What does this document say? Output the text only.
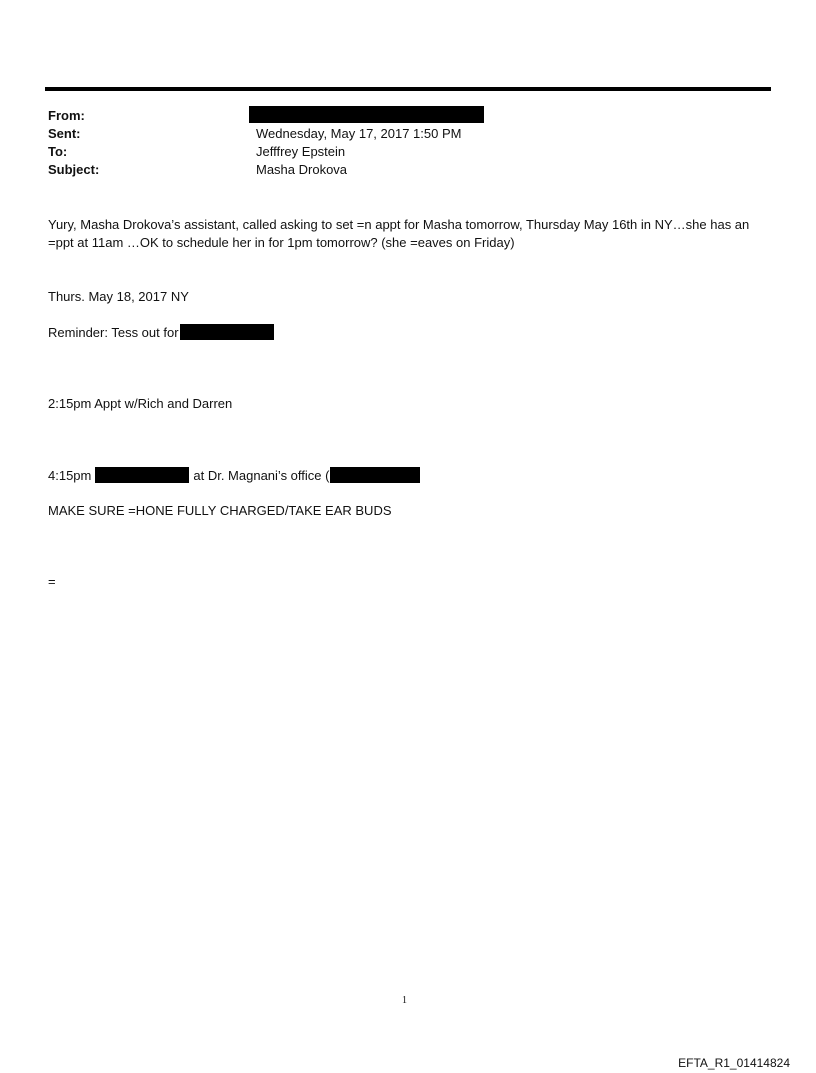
From:
Sent:	Wednesday, May 17, 2017 1:50 PM
To:	Jefffrey Epstein
Subject:	Masha Drokova
Yury, Masha Drokova’s assistant, called asking to set =n appt for Masha tomorrow, Thursday May 16th in NY…she has an
=ppt at 11am …OK to schedule her in for 1pm tomorrow? (she =eaves on Friday)
Thurs. May 18, 2017 NY
Reminder: Tess out for
2:15pm Appt w/Rich and Darren
4:15pm	at Dr. Magnani’s office (
MAKE SURE =HONE FULLY CHARGED/TAKE EAR BUDS
=
1
EFTA_R1_01414824
